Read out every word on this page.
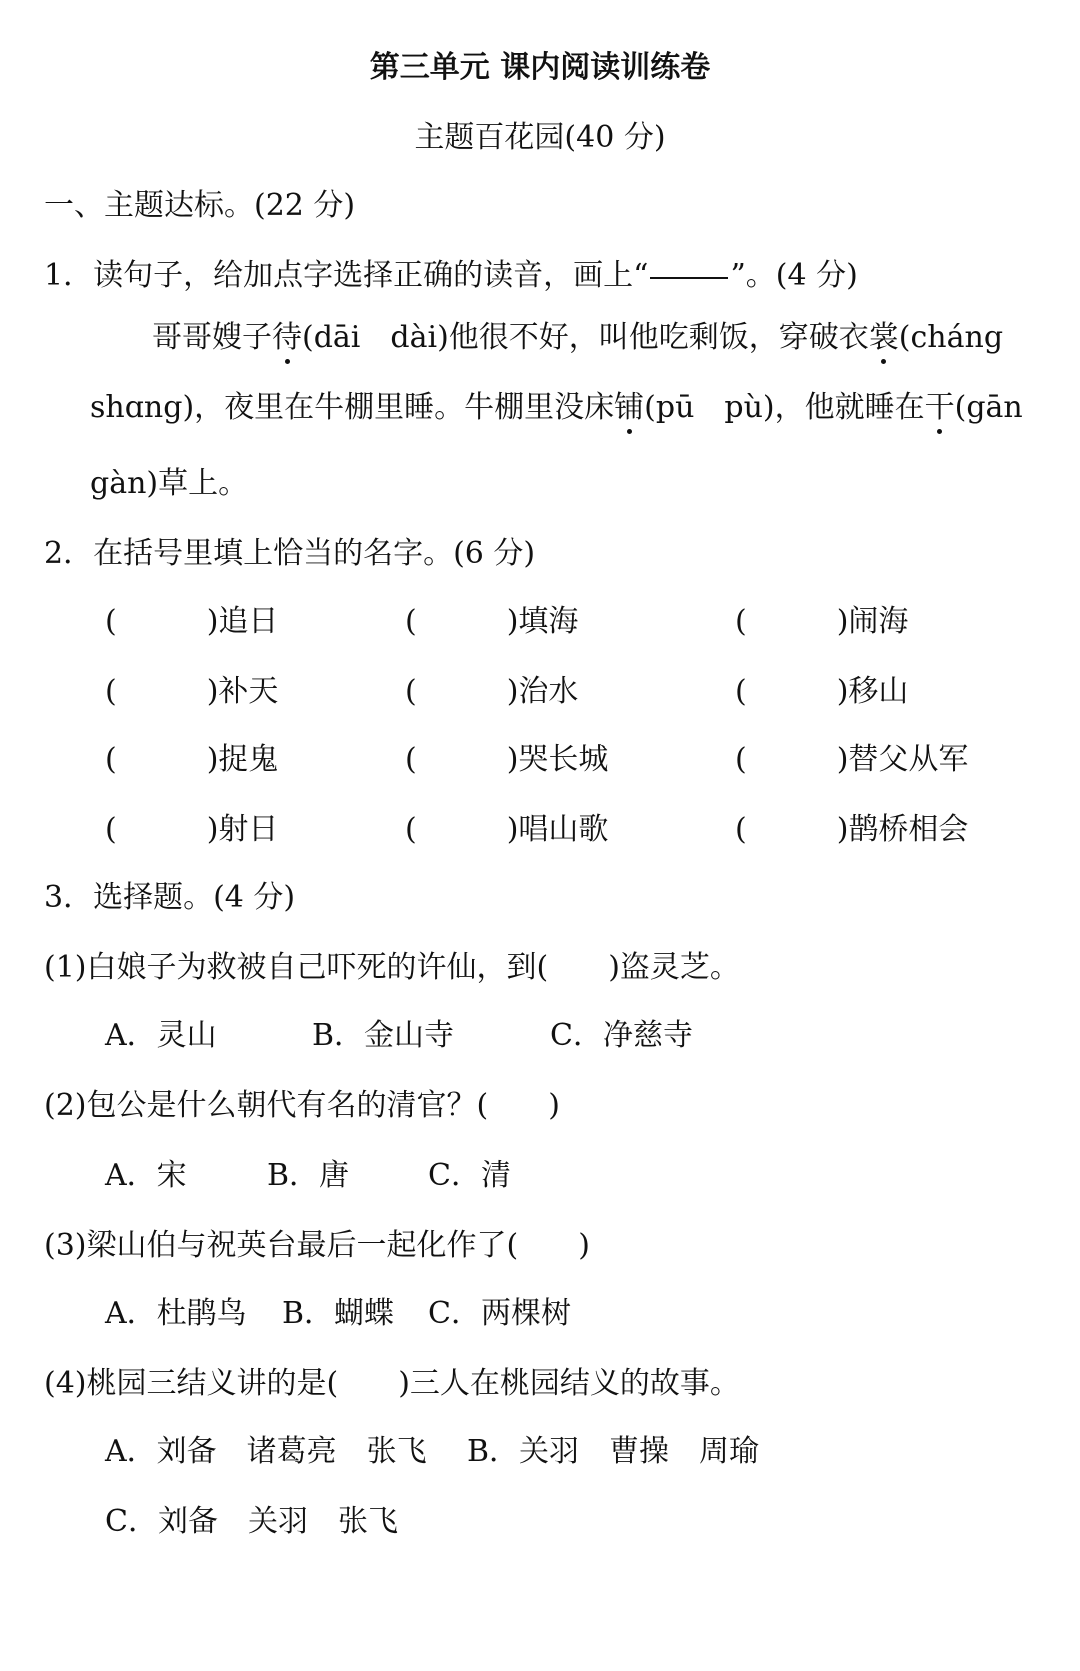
第三单元 课内阅读训练卷
主题百花园(40 分)
一、主题达标。(22 分)
1．读句子，给加点字选择正确的读音，画上“	”。(4 分)
哥哥嫂子待(dāi　dài)他很不好，叫他吃剩饭，穿破衣裳(cháng
shɑng)，夜里在牛棚里睡。牛棚里没床铺(pū　pù)，他就睡在干(gān
gàn)草上。
2．在括号里填上恰当的名字。(6 分)
(　　　)追日	(　　　)填海	(　　　)闹海
(　　　)补天	(　　　)治水	(　　　)移山
(　　　)捉鬼	(　　　)哭长城	(　　　)替父从军
(　　　)射日	(　　　)唱山歌	(　　　)鹊桥相会
3．选择题。(4 分)
(1)白娘子为救被自己吓死的许仙，到(　　)盗灵芝。
A．灵山	B．金山寺	C．净慈寺
(2)包公是什么朝代有名的清官？(　　)
A．宋	B．唐	C．清
(3)梁山伯与祝英台最后一起化作了(　　)
A．杜鹃鸟 B．蝴蝶 C．两棵树
(4)桃园三结义讲的是(　　)三人在桃园结义的故事。
A．刘备　诸葛亮　张飞 B．关羽　曹操　周瑜
C．刘备　关羽　张飞
